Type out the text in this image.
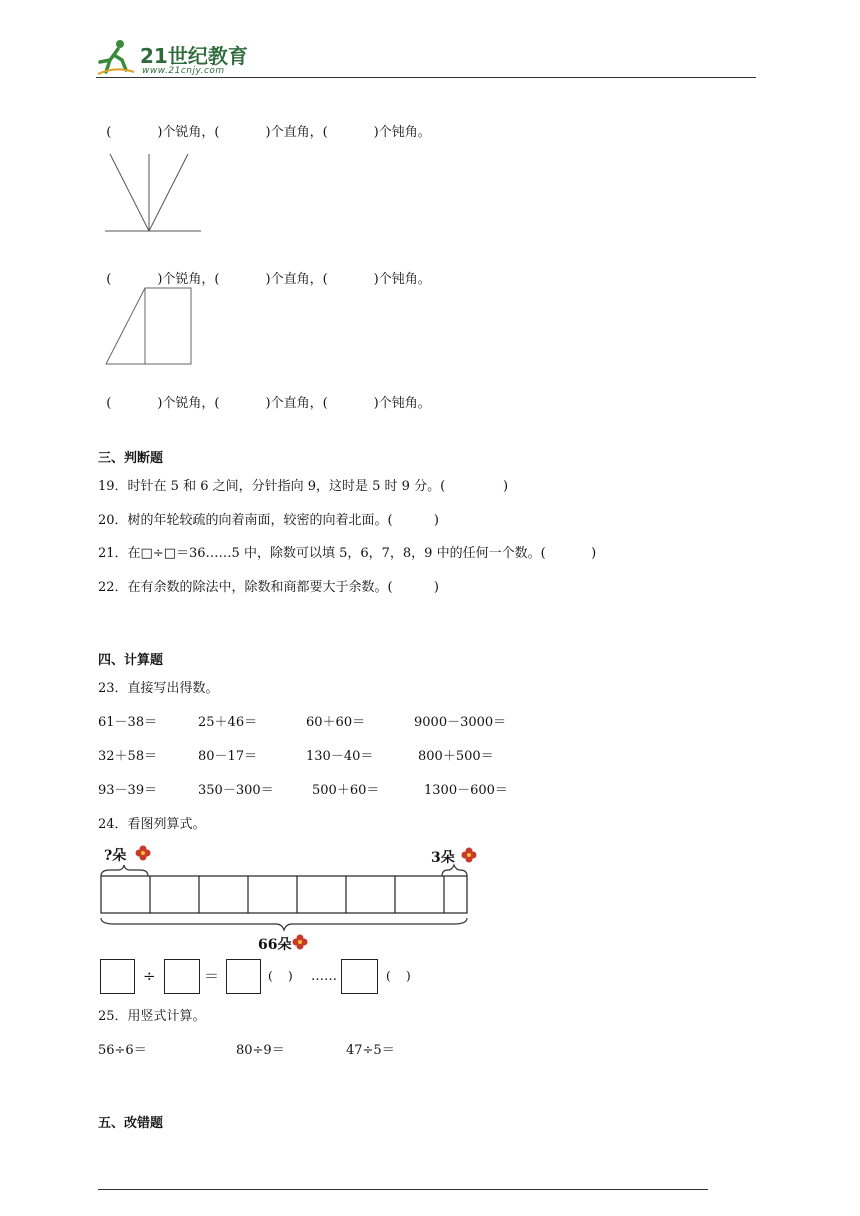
21世纪教育
www.21cnjy.com

(	)个锐角，(	)个直角，(	)个钝角。

(	)个锐角，(	)个直角，(	)个钝角。

(	)个锐角，(	)个直角，(	)个钝角。

三、判断题
19．时针在 5 和 6 之间，分针指向 9，这时是 5 时 9 分。(              )
20．树的年轮较疏的向着南面，较密的向着北面。(          )
21．在□÷□＝36……5 中，除数可以填 5，6，7，8，9 中的任何一个数。(           )
22．在有余数的除法中，除数和商都要大于余数。(          )
四、计算题
23．直接写出得数。
61－38＝	25＋46＝	60＋60＝	9000－3000＝
32＋58＝	80－17＝	130－40＝	800＋500＝
93－39＝	350－300＝	500＋60＝	1300－600＝
24．看图列算式。
?朵	3朵
66朵
÷	＝	(    ) ……	(    )
25．用竖式计算。
56÷6＝	80÷9＝	47÷5＝
五、改错题
